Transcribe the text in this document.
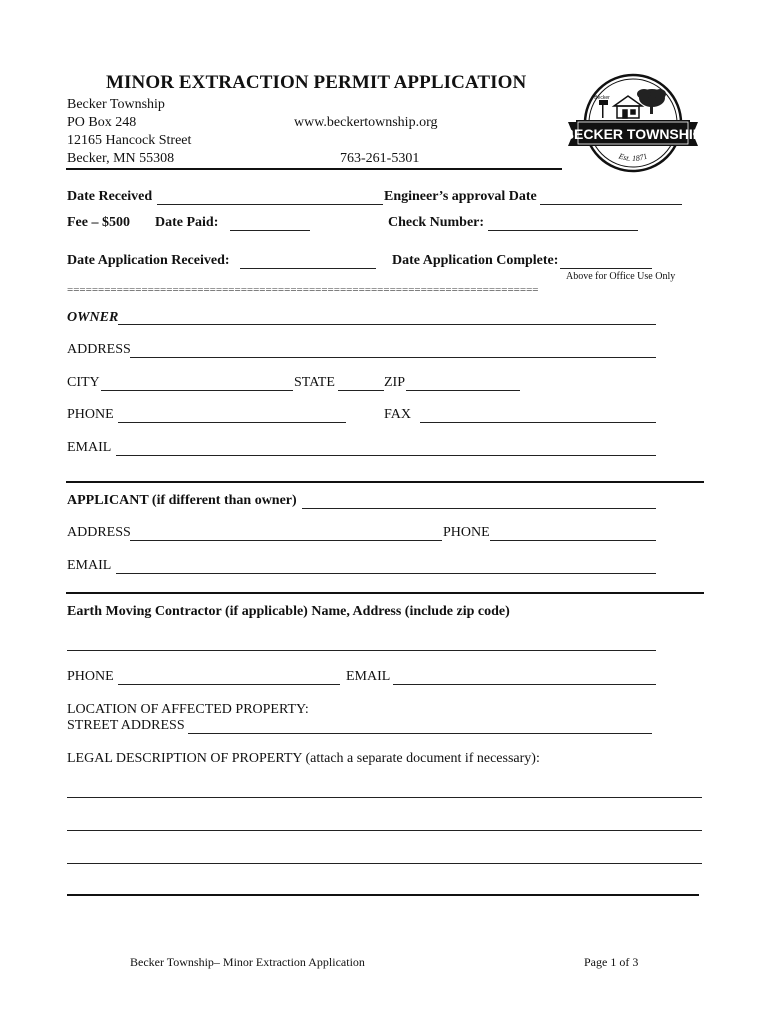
MINOR EXTRACTION PERMIT APPLICATION
Becker Township
PO Box 248
12165 Hancock Street
Becker, MN 55308
www.beckertownship.org
763-261-5301
BECKER TOWNSHIP
Becker
Est. 1871
Date Received	Engineer’s approval Date
Fee – $500 Date Paid:	Check Number:
Date Application Received:	Date Application Complete:
Above for Office Use Only
============================================================================
OWNER
ADDRESS
CITY	STATE	ZIP
PHONE	FAX
EMAIL
APPLICANT (if different than owner)
ADDRESS	PHONE
EMAIL
Earth Moving Contractor (if applicable) Name, Address (include zip code)
PHONE	EMAIL
LOCATION OF AFFECTED PROPERTY:
STREET ADDRESS
LEGAL DESCRIPTION OF PROPERTY (attach a separate document if necessary):
Becker Township– Minor Extraction Application	Page 1 of 3
